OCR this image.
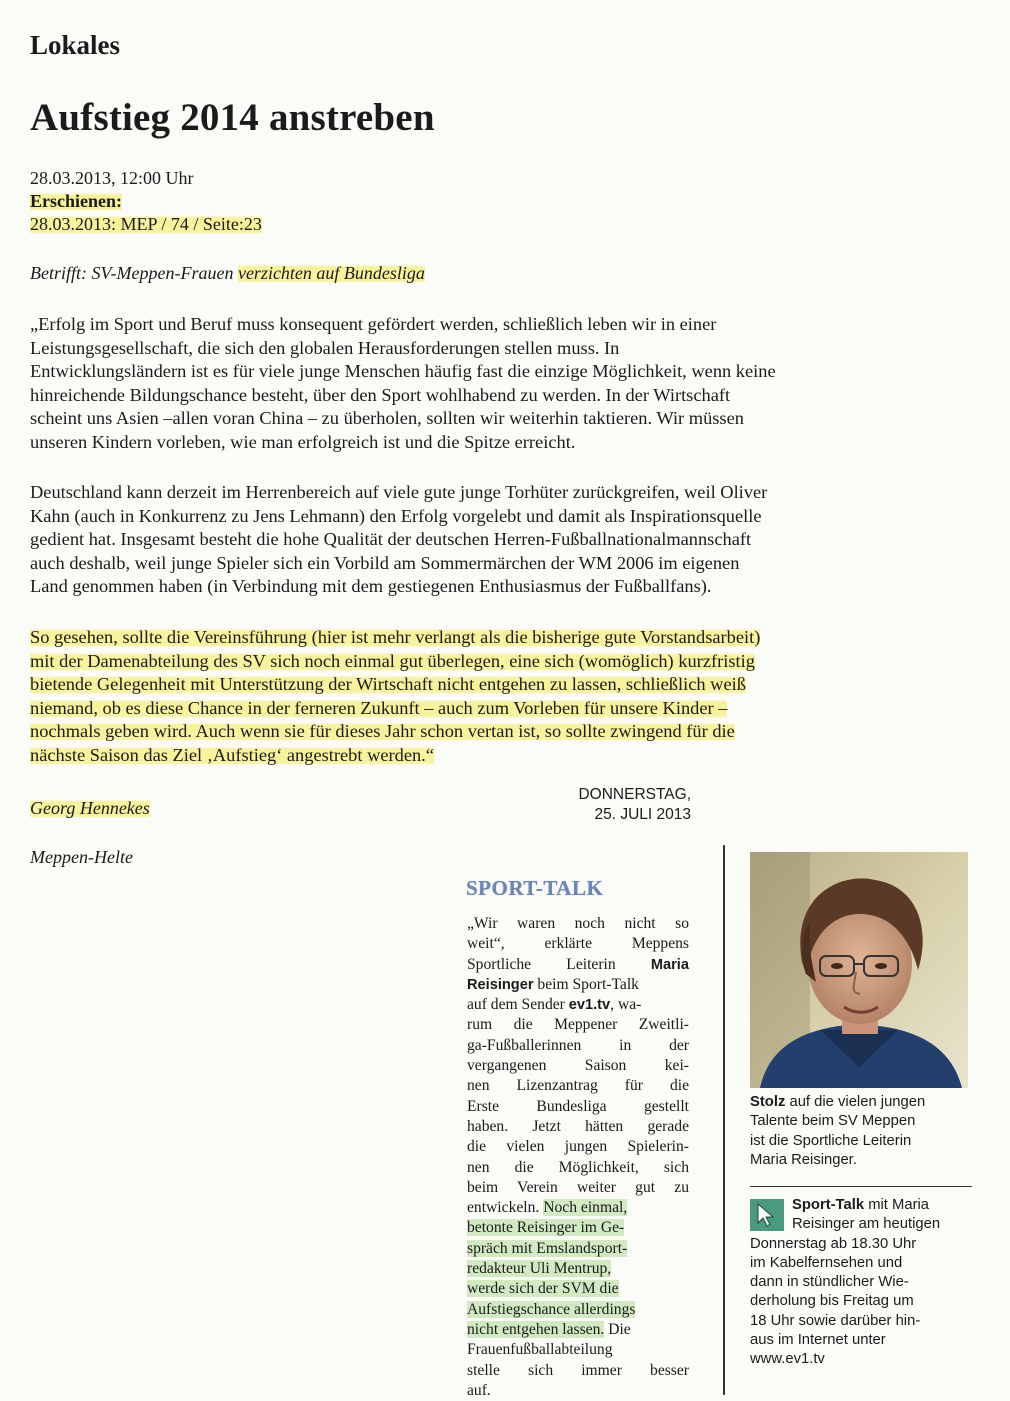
Lokales
Aufstieg 2014 anstreben
28.03.2013, 12:00 Uhr
Erschienen:
28.03.2013: MEP / 74 / Seite:23
Betrifft: SV-Meppen-Frauen verzichten auf Bundesliga
„Erfolg im Sport und Beruf muss konsequent gefördert werden, schließlich leben wir in einer
Leistungsgesellschaft, die sich den globalen Herausforderungen stellen muss. In
Entwicklungsländern ist es für viele junge Menschen häufig fast die einzige Möglichkeit, wenn keine
hinreichende Bildungschance besteht, über den Sport wohlhabend zu werden. In der Wirtschaft
scheint uns Asien –allen voran China – zu überholen, sollten wir weiterhin taktieren. Wir müssen
unseren Kindern vorleben, wie man erfolgreich ist und die Spitze erreicht.
Deutschland kann derzeit im Herrenbereich auf viele gute junge Torhüter zurückgreifen, weil Oliver
Kahn (auch in Konkurrenz zu Jens Lehmann) den Erfolg vorgelebt und damit als Inspirationsquelle
gedient hat. Insgesamt besteht die hohe Qualität der deutschen Herren-Fußballnationalmannschaft
auch deshalb, weil junge Spieler sich ein Vorbild am Sommermärchen der WM 2006 im eigenen
Land genommen haben (in Verbindung mit dem gestiegenen Enthusiasmus der Fußballfans).
So gesehen, sollte die Vereinsführung (hier ist mehr verlangt als die bisherige gute Vorstandsarbeit)
mit der Damenabteilung des SV sich noch einmal gut überlegen, eine sich (womöglich) kurzfristig
bietende Gelegenheit mit Unterstützung der Wirtschaft nicht entgehen zu lassen, schließlich weiß
niemand, ob es diese Chance in der ferneren Zukunft – auch zum Vorleben für unsere Kinder –
nochmals geben wird. Auch wenn sie für dieses Jahr schon vertan ist, so sollte zwingend für die
nächste Saison das Ziel ‚Aufstieg‘ angestrebt werden.“
Georg Hennekes
Meppen-Helte
DONNERSTAG,
25. JULI 2013
SPORT-TALK
„Wir waren noch nicht so
weit“, erklärte Meppens
Sportliche Leiterin Maria
Reisinger beim Sport-Talk
auf dem Sender ev1.tv, wa-
rum die Meppener Zweitli-
ga-Fußballerinnen in der
vergangenen Saison kei-
nen Lizenzantrag für die
Erste Bundesliga gestellt
haben. Jetzt hätten gerade
die vielen jungen Spielerin-
nen die Möglichkeit, sich
beim Verein weiter gut zu
entwickeln. Noch einmal,
betonte Reisinger im Ge-
spräch mit Emslandsport-
redakteur Uli Mentrup,
werde sich der SVM die
Aufstiegschance allerdings
nicht entgehen lassen. Die
Frauenfußballabteilung
stelle sich immer besser
auf.
Stolz auf die vielen jungen
Talente beim SV Meppen
ist die Sportliche Leiterin
Maria Reisinger.
Sport-Talk mit Maria
Reisinger am heutigen
Donnerstag ab 18.30 Uhr
im Kabelfernsehen und
dann in stündlicher Wie-
derholung bis Freitag um
18 Uhr sowie darüber hin-
aus im Internet unter
www.ev1.tv
